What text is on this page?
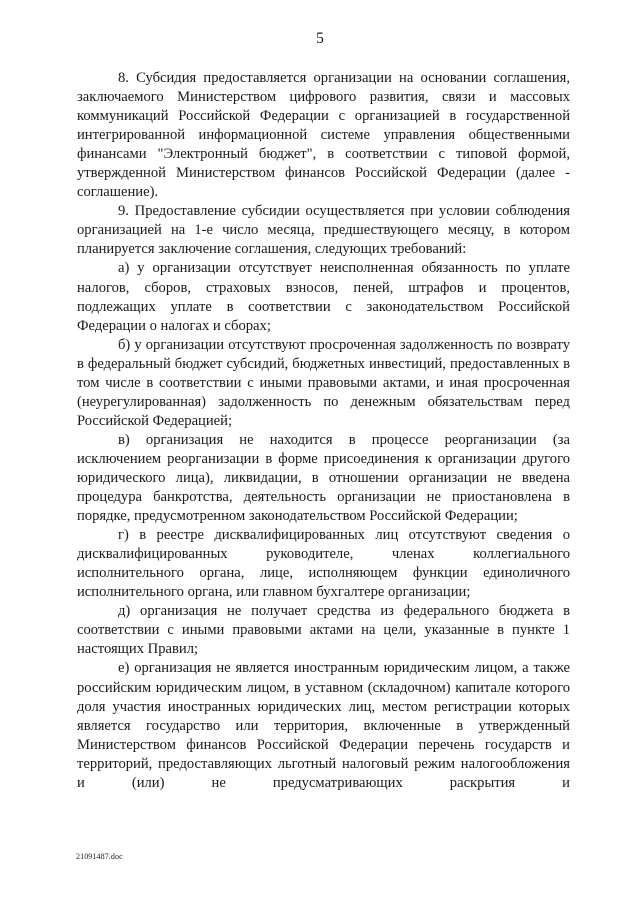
5

8. Субсидия предоставляется организации на основании соглашения, заключаемого Министерством цифрового развития, связи и массовых коммуникаций Российской Федерации с организацией в государственной интегрированной информационной системе управления общественными финансами "Электронный бюджет", в соответствии с типовой формой, утвержденной Министерством финансов Российской Федерации (далее - соглашение).

9. Предоставление субсидии осуществляется при условии соблюдения организацией на 1-е число месяца, предшествующего месяцу, в котором планируется заключение соглашения, следующих требований:

а) у организации отсутствует неисполненная обязанность по уплате налогов, сборов, страховых взносов, пеней, штрафов и процентов, подлежащих уплате в соответствии с законодательством Российской Федерации о налогах и сборах;

б) у организации отсутствуют просроченная задолженность по возврату в федеральный бюджет субсидий, бюджетных инвестиций, предоставленных в том числе в соответствии с иными правовыми актами, и иная просроченная (неурегулированная) задолженность по денежным обязательствам перед Российской Федерацией;

в) организация не находится в процессе реорганизации (за исключением реорганизации в форме присоединения к организации другого юридического лица), ликвидации, в отношении организации не введена процедура банкротства, деятельность организации не приостановлена в порядке, предусмотренном законодательством Российской Федерации;

г) в реестре дисквалифицированных лиц отсутствуют сведения о дисквалифицированных руководителе, членах коллегиального исполнительного органа, лице, исполняющем функции единоличного исполнительного органа, или главном бухгалтере организации;

д) организация не получает средства из федерального бюджета в соответствии с иными правовыми актами на цели, указанные в пункте 1 настоящих Правил;

е) организация не является иностранным юридическим лицом, а также российским юридическим лицом, в уставном (складочном) капитале которого доля участия иностранных юридических лиц, местом регистрации которых является государство или территория, включенные в утвержденный Министерством финансов Российской Федерации перечень государств и территорий, предоставляющих льготный налоговый режим налогообложения и (или) не предусматривающих раскрытия и

21091487.doc
